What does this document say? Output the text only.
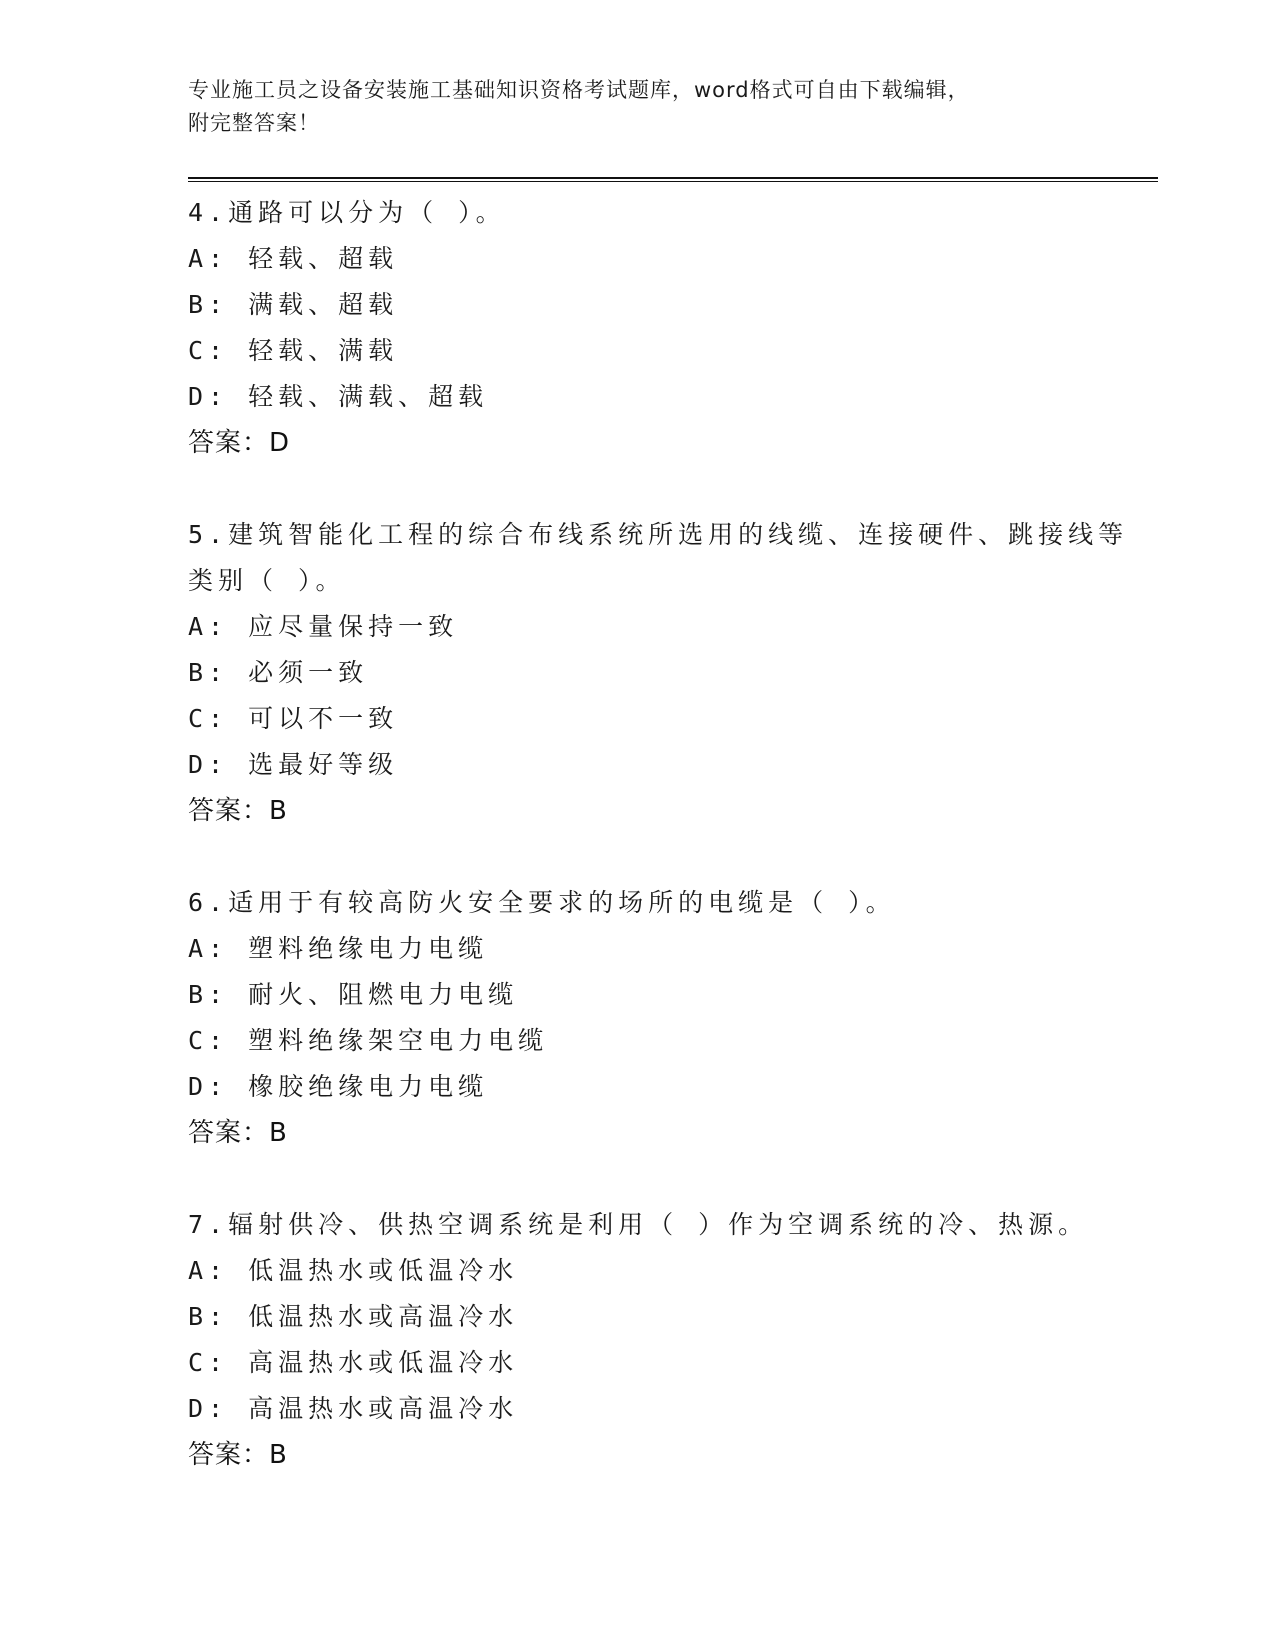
专业施工员之设备安装施工基础知识资格考试题库，word格式可自由下载编辑，
附完整答案！

4.通路可以分为（ ）。

A: 轻载、超载

B: 满载、超载

C: 轻载、满载

D: 轻载、满载、超载

答案：D

5.建筑智能化工程的综合布线系统所选用的线缆、连接硬件、跳接线等类别（ ）。

A: 应尽量保持一致

B: 必须一致

C: 可以不一致

D: 选最好等级

答案：B

6.适用于有较高防火安全要求的场所的电缆是（ ）。

A: 塑料绝缘电力电缆

B: 耐火、阻燃电力电缆

C: 塑料绝缘架空电力电缆

D: 橡胶绝缘电力电缆

答案：B

7.辐射供冷、供热空调系统是利用（ ）作为空调系统的冷、热源。

A: 低温热水或低温冷水

B: 低温热水或高温冷水

C: 高温热水或低温冷水

D: 高温热水或高温冷水

答案：B
